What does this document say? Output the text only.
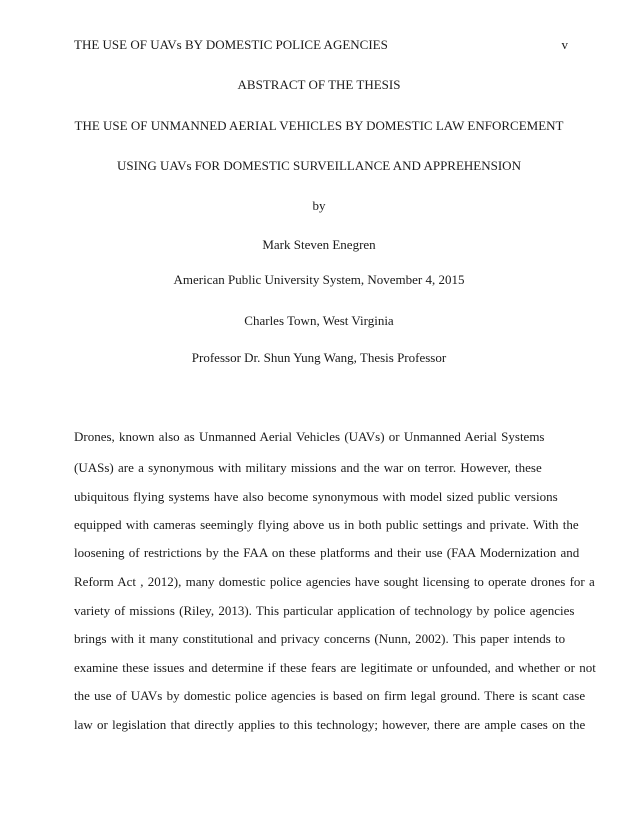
THE USE OF UAVs BY DOMESTIC POLICE AGENCIES	v
ABSTRACT OF THE THESIS
THE USE OF UNMANNED AERIAL VEHICLES BY DOMESTIC LAW ENFORCEMENT
USING UAVs FOR DOMESTIC SURVEILLANCE AND APPREHENSION
by
Mark Steven Enegren
American Public University System, November 4, 2015
Charles Town, West Virginia
Professor Dr. Shun Yung Wang, Thesis Professor
Drones, known also as Unmanned Aerial Vehicles (UAVs) or Unmanned Aerial Systems
(UASs) are a synonymous with military missions and the war on terror. However, these
ubiquitous flying systems have also become synonymous with model sized public versions
equipped with cameras seemingly flying above us in both public settings and private. With the
loosening of restrictions by the FAA on these platforms and their use (FAA Modernization and
Reform Act , 2012), many domestic police agencies have sought licensing to operate drones for a
variety of missions (Riley, 2013). This particular application of technology by police agencies
brings with it many constitutional and privacy concerns (Nunn, 2002). This paper intends to
examine these issues and determine if these fears are legitimate or unfounded, and whether or not
the use of UAVs by domestic police agencies is based on firm legal ground. There is scant case
law or legislation that directly applies to this technology; however, there are ample cases on the
